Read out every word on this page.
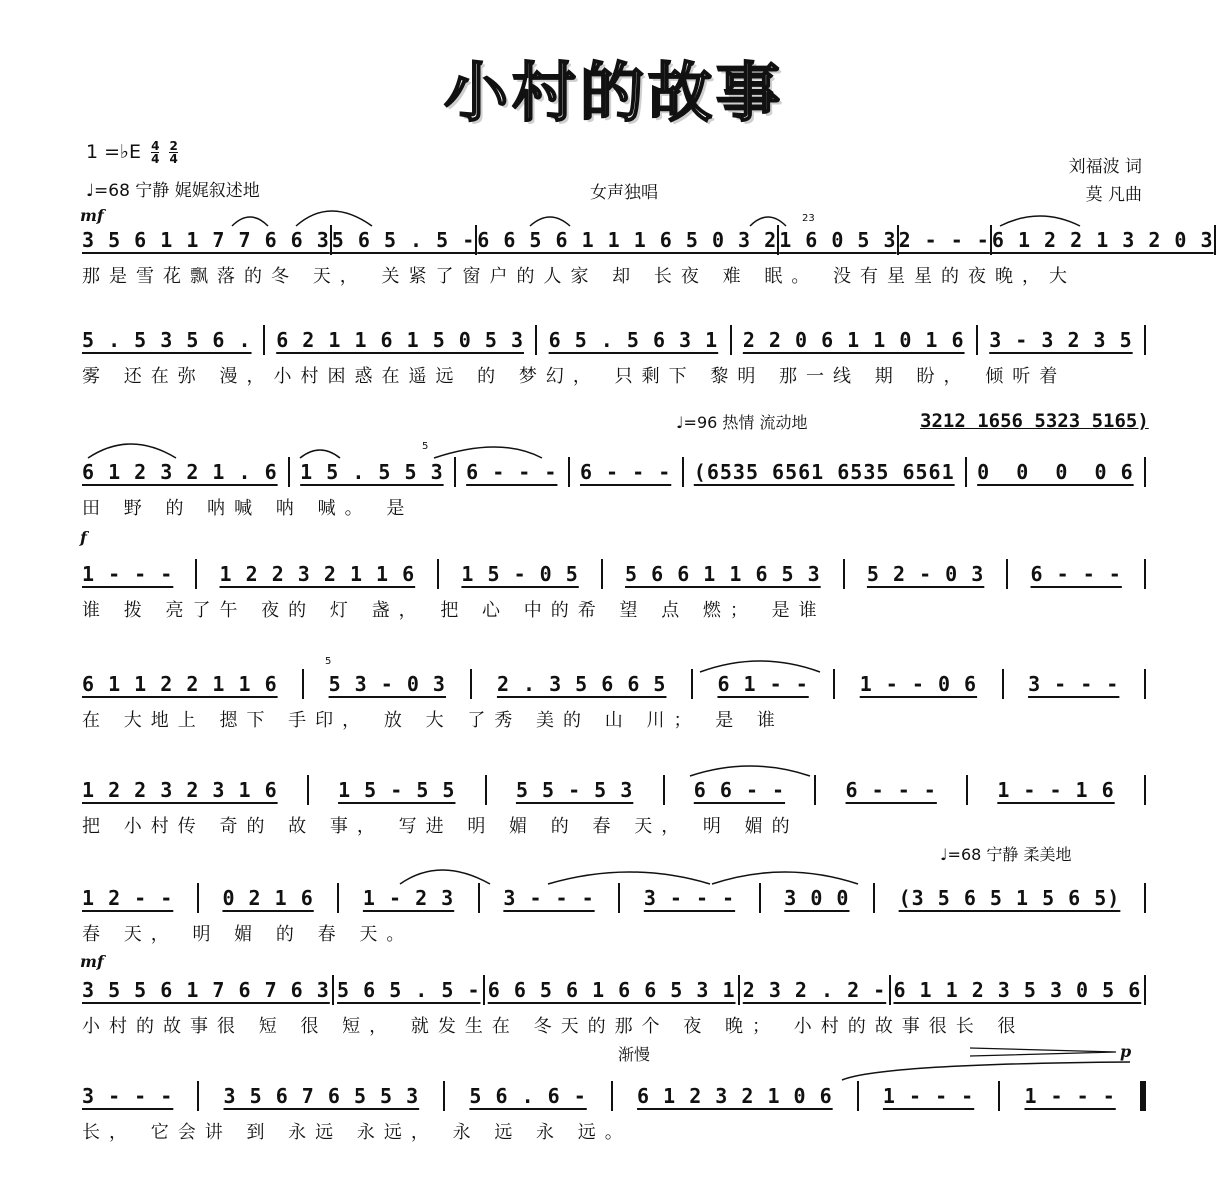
小村的故事
1 =♭E $\frac{4}{4}$
$\frac{2}{4}$
♩=68 宁静 娓娓叙述地	女声独唱
刘福波 词
莫 凡曲
mf	23
5
♩=96 热情 流动地	3212 1656 5323 5165)
f
5
♩=68 宁静 柔美地
mf
渐慢	p
3 5 6 1 1 7 7 6 6 3 5 6 5 . 5 - 6 6 5 6 1 1 1 6 5 0 3 2 1 6 0 5 3 2 - - - 6 1 2 2 1 3 2 0 3
那是雪花飘落的冬 天， 关紧了窗户的人家 却 长夜 难 眠。 没有星星的夜晚，大
5 . 5 3 5 6 . 6 2 1 1 6 1 5 0 5 3 6 5 . 5 6 3 1 2 2 0 6 1 1 0 1 6 3 - 3 2 3 5
雾 还在弥 漫，小村困惑在遥远 的 梦幻， 只剩下 黎明 那一线 期 盼， 倾听着
6 1 2 3 2 1 . 6 1 5 . 5 5 3 6 - - - 6 - - - (6535 6561 6535 6561 0  0  0  0 6
田 野 的 呐喊 呐 喊。 是
1 - - - 1 2 2 3 2 1 1 6 1 5 - 0 5 5 6 6 1 1 6 5 3 5 2 - 0 3 6 - - -
谁 拨 亮了午 夜的 灯 盏， 把 心 中的希 望 点 燃； 是谁
6 1 1 2 2 1 1 6	5 3 - 0 3	2 . 3 5 6 6 5	6 1 - -	1 - - 0 6	3 - - -
在 大地上 摁下 手印， 放 大 了秀 美的 山 川； 是 谁
1 2 2 3 2 3 1 6	1 5 - 5 5	5 5 - 5 3	6 6 - -	6 - - -	1 - - 1 6
把 小村传 奇的 故 事， 写进 明 媚 的 春 天， 明 媚的
1 2 - - 0 2 1 6 1 - 2 3 3 - - - 3 - - - 3 0 0 (3 5 6 5 1 5 6 5)
春 天， 明 媚 的 春 天。
3 5 5 6 1 7 6 7 6 3 5 6 5 . 5 - 6 6 5 6 1 6 6 5 3 1 2 3 2 . 2 - 6 1 1 2 3 5 3 0 5 6
小村的故事很 短 很 短， 就发生在 冬天的那个 夜 晚； 小村的故事很长 很
3 - - -	3 5 6 7 6 5 5 3	5 6 . 6 -	6 1 2 3 2 1 0 6	1 - - -	1 - - -
长， 它会讲 到 永远 永远， 永 远 永 远。
